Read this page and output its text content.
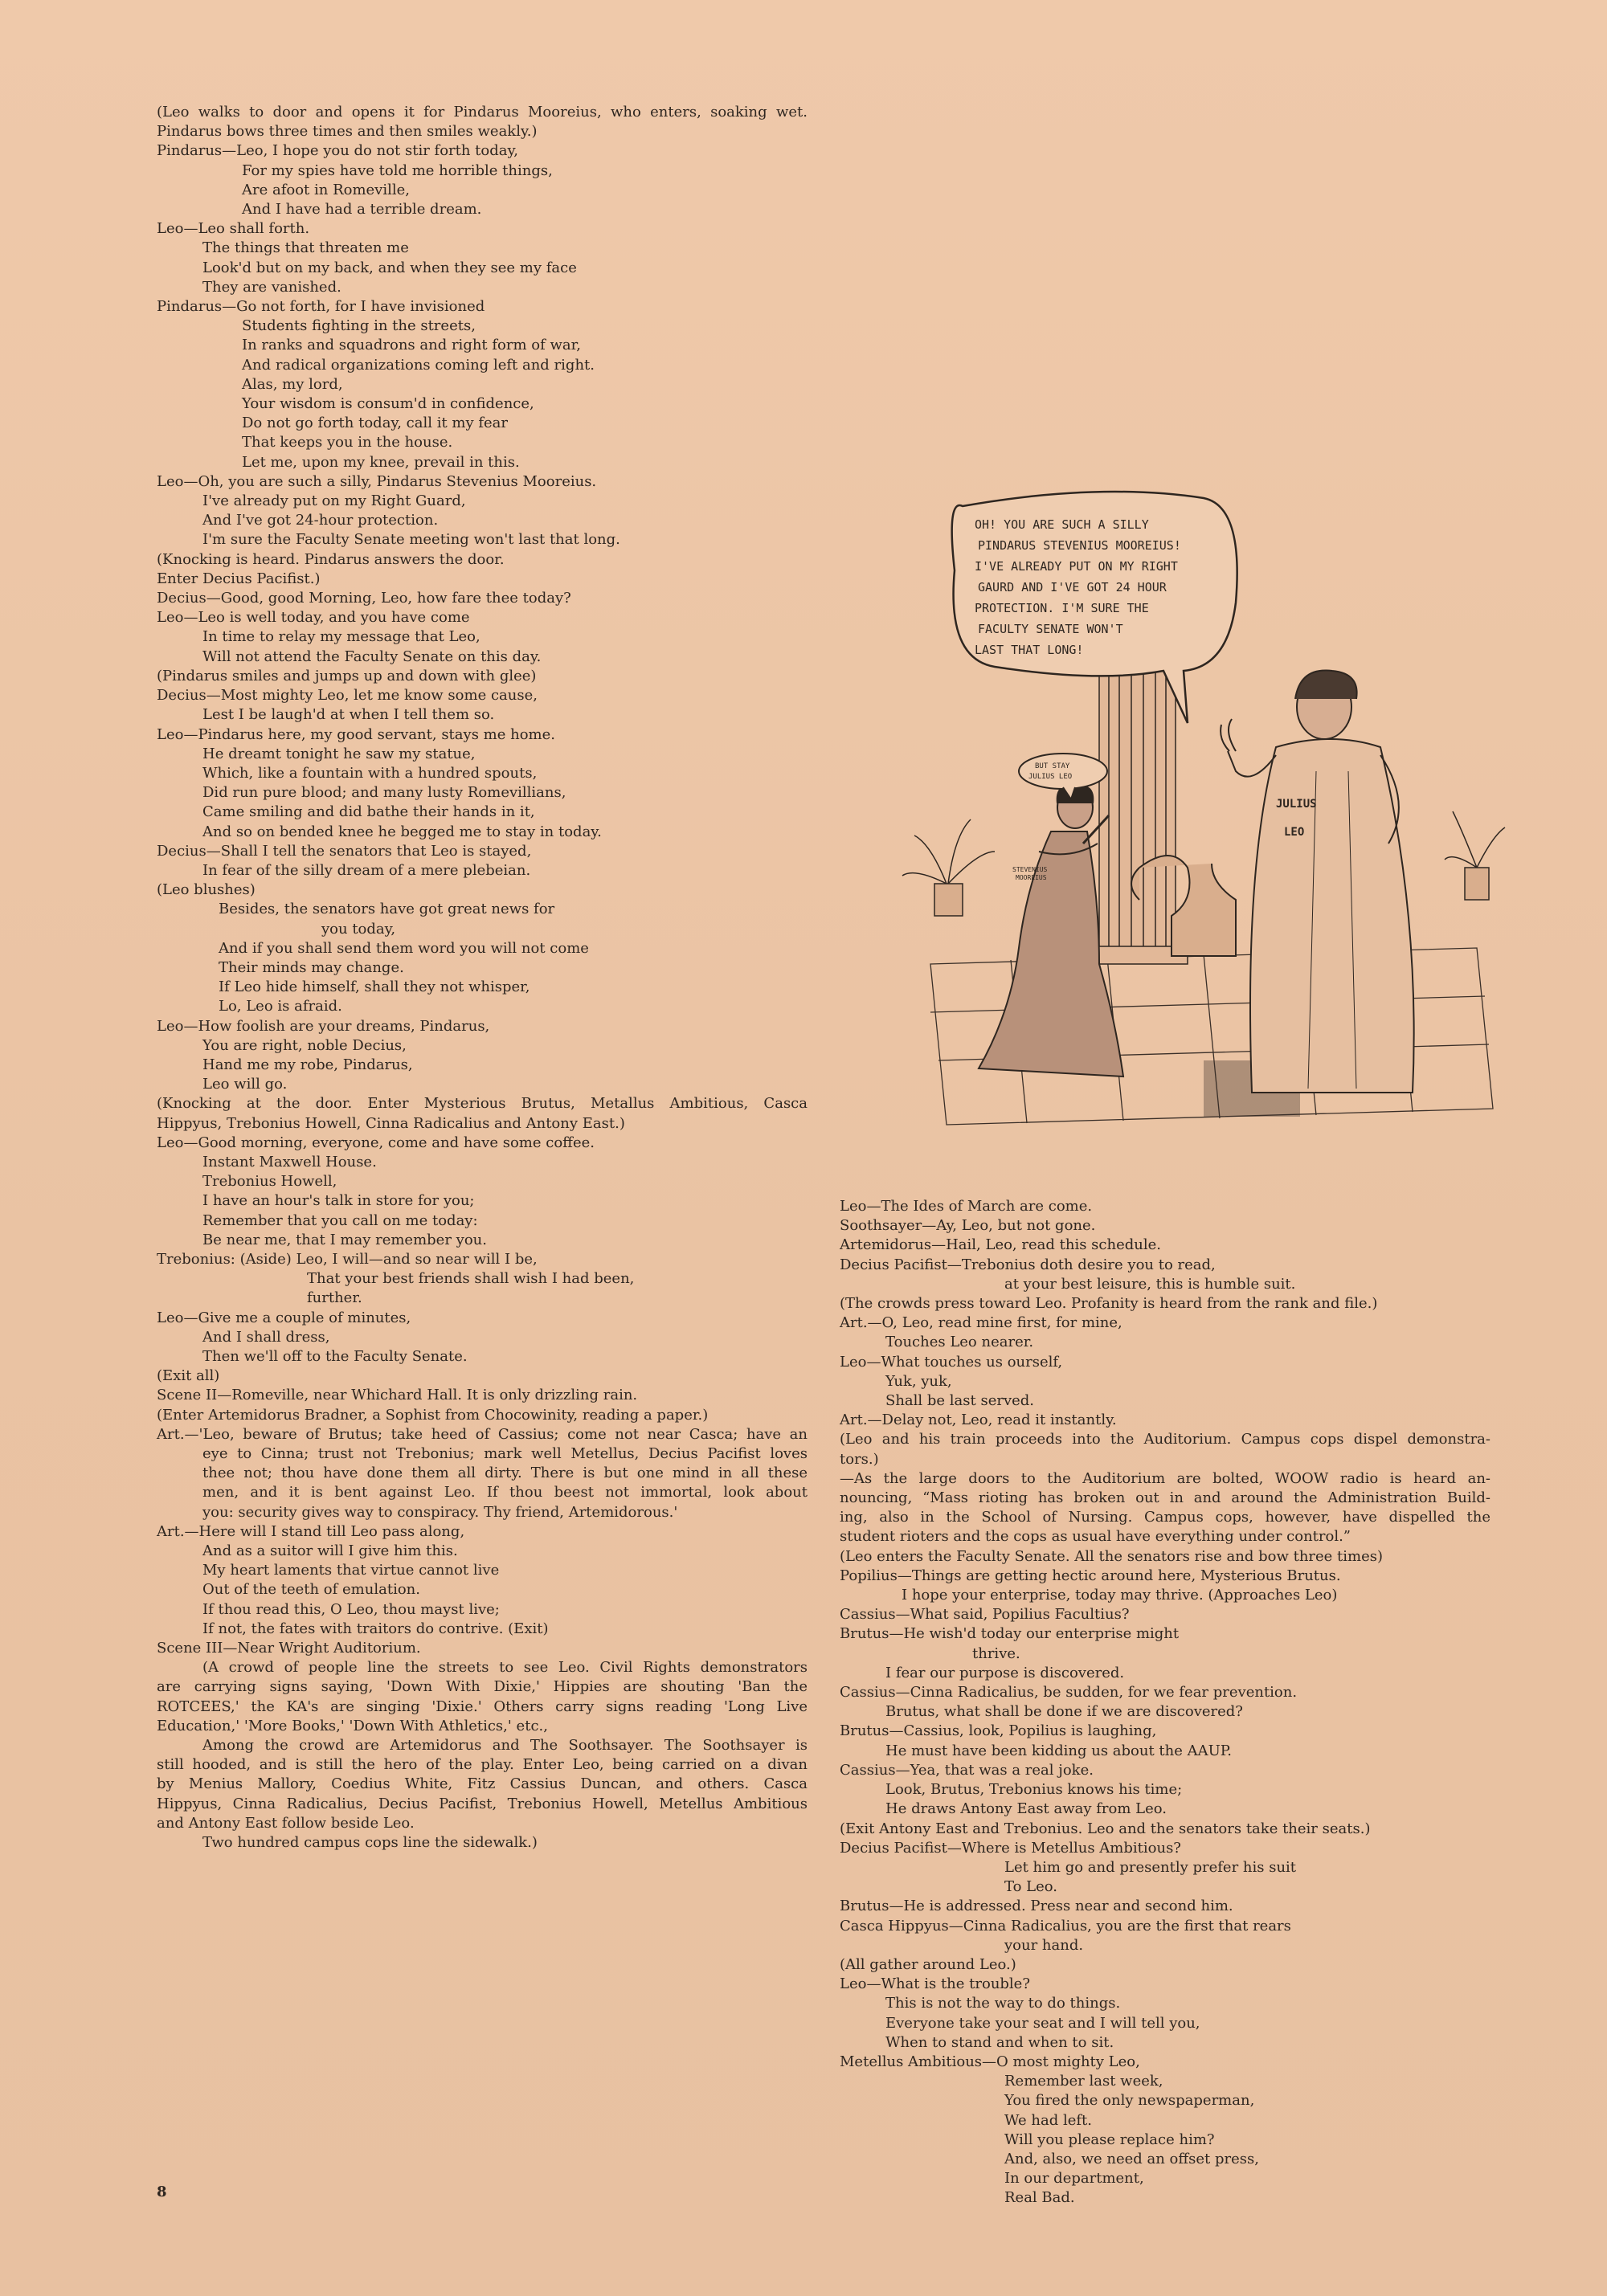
(Leo walks to door and opens it for Pindarus Mooreius, who enters, soaking wet.
Pindarus bows three times and then smiles weakly.)
Pindarus—Leo, I hope you do not stir forth today,
For my spies have told me horrible things,
Are afoot in Romeville,
And I have had a terrible dream.
Leo—Leo shall forth.
The things that threaten me
Look'd but on my back, and when they see my face
They are vanished.
Pindarus—Go not forth, for I have invisioned
Students fighting in the streets,
In ranks and squadrons and right form of war,
And radical organizations coming left and right.
Alas, my lord,
Your wisdom is consum'd in confidence,
Do not go forth today, call it my fear
That keeps you in the house.
Let me, upon my knee, prevail in this.
Leo—Oh, you are such a silly, Pindarus Stevenius Mooreius.
I've already put on my Right Guard,
And I've got 24-hour protection.
I'm sure the Faculty Senate meeting won't last that long.
(Knocking is heard. Pindarus answers the door.
Enter Decius Pacifist.)
Decius—Good, good Morning, Leo, how fare thee today?
Leo—Leo is well today, and you have come
In time to relay my message that Leo,
Will not attend the Faculty Senate on this day.
(Pindarus smiles and jumps up and down with glee)
Decius—Most mighty Leo, let me know some cause,
Lest I be laugh'd at when I tell them so.
Leo—Pindarus here, my good servant, stays me home.
He dreamt tonight he saw my statue,
Which, like a fountain with a hundred spouts,
Did run pure blood; and many lusty Romevillians,
Came smiling and did bathe their hands in it,
And so on bended knee he begged me to stay in today.
Decius—Shall I tell the senators that Leo is stayed,
In fear of the silly dream of a mere plebeian.
(Leo blushes)
Besides, the senators have got great news for
you today,
And if you shall send them word you will not come
Their minds may change.
If Leo hide himself, shall they not whisper,
Lo, Leo is afraid.
Leo—How foolish are your dreams, Pindarus,
You are right, noble Decius,
Hand me my robe, Pindarus,
Leo will go.
(Knocking at the door. Enter Mysterious Brutus, Metallus Ambitious, Casca
Hippyus, Trebonius Howell, Cinna Radicalius and Antony East.)
Leo—Good morning, everyone, come and have some coffee.
Instant Maxwell House.
Trebonius Howell,
I have an hour's talk in store for you;
Remember that you call on me today:
Be near me, that I may remember you.
Trebonius: (Aside) Leo, I will—and so near will I be,
That your best friends shall wish I had been,
further.
Leo—Give me a couple of minutes,
And I shall dress,
Then we'll off to the Faculty Senate.
(Exit all)
Scene II—Romeville, near Whichard Hall. It is only drizzling rain.
(Enter Artemidorus Bradner, a Sophist from Chocowinity, reading a paper.)
Art.—'Leo, beware of Brutus; take heed of Cassius; come not near Casca; have an
eye to Cinna; trust not Trebonius; mark well Metellus, Decius Pacifist loves
thee not; thou have done them all dirty. There is but one mind in all these
men, and it is bent against Leo. If thou beest not immortal, look about
you: security gives way to conspiracy. Thy friend, Artemidorous.'
Art.—Here will I stand till Leo pass along,
And as a suitor will I give him this.
My heart laments that virtue cannot live
Out of the teeth of emulation.
If thou read this, O Leo, thou mayst live;
If not, the fates with traitors do contrive. (Exit)
Scene III—Near Wright Auditorium.
(A crowd of people line the streets to see Leo. Civil Rights demonstrators
are carrying signs saying, 'Down With Dixie,' Hippies are shouting 'Ban the
ROTCEES,' the KA's are singing 'Dixie.' Others carry signs reading 'Long Live
Education,' 'More Books,' 'Down With Athletics,' etc.,
Among the crowd are Artemidorus and The Soothsayer. The Soothsayer is
still hooded, and is still the hero of the play. Enter Leo, being carried on a divan
by Menius Mallory, Coedius White, Fitz Cassius Duncan, and others. Casca
Hippyus, Cinna Radicalius, Decius Pacifist, Trebonius Howell, Metellus Ambitious
and Antony East follow beside Leo.
Two hundred campus cops line the sidewalk.)
STEVENIUS
MOOREIUS
JULIUS
LEO
OH! YOU ARE SUCH A SILLY
PINDARUS STEVENIUS MOOREIUS!
I'VE ALREADY PUT ON MY RIGHT
GAURD AND I'VE GOT 24 HOUR
PROTECTION. I'M SURE THE
FACULTY SENATE WON'T
LAST THAT LONG!
BUT STAY
JULIUS LEO
Leo—The Ides of March are come.
Soothsayer—Ay, Leo, but not gone.
Artemidorus—Hail, Leo, read this schedule.
Decius Pacifist—Trebonius doth desire you to read,
at your best leisure, this is humble suit.
(The crowds press toward Leo. Profanity is heard from the rank and file.)
Art.—O, Leo, read mine first, for mine,
Touches Leo nearer.
Leo—What touches us ourself,
Yuk, yuk,
Shall be last served.
Art.—Delay not, Leo, read it instantly.
(Leo and his train proceeds into the Auditorium. Campus cops dispel demonstra-
tors.)
—As the large doors to the Auditorium are bolted, WOOW radio is heard an-
nouncing, “Mass rioting has broken out in and around the Administration Build-
ing, also in the School of Nursing. Campus cops, however, have dispelled the
student rioters and the cops as usual have everything under control.”
(Leo enters the Faculty Senate. All the senators rise and bow three times)
Popilius—Things are getting hectic around here, Mysterious Brutus.
I hope your enterprise, today may thrive. (Approaches Leo)
Cassius—What said, Popilius Facultius?
Brutus—He wish'd today our enterprise might
thrive.
I fear our purpose is discovered.
Cassius—Cinna Radicalius, be sudden, for we fear prevention.
Brutus, what shall be done if we are discovered?
Brutus—Cassius, look, Popilius is laughing,
He must have been kidding us about the AAUP.
Cassius—Yea, that was a real joke.
Look, Brutus, Trebonius knows his time;
He draws Antony East away from Leo.
(Exit Antony East and Trebonius. Leo and the senators take their seats.)
Decius Pacifist—Where is Metellus Ambitious?
Let him go and presently prefer his suit
To Leo.
Brutus—He is addressed. Press near and second him.
Casca Hippyus—Cinna Radicalius, you are the first that rears
your hand.
(All gather around Leo.)
Leo—What is the trouble?
This is not the way to do things.
Everyone take your seat and I will tell you,
When to stand and when to sit.
Metellus Ambitious—O most mighty Leo,
Remember last week,
You fired the only newspaperman,
We had left.
Will you please replace him?
And, also, we need an offset press,
In our department,
Real Bad.
8
